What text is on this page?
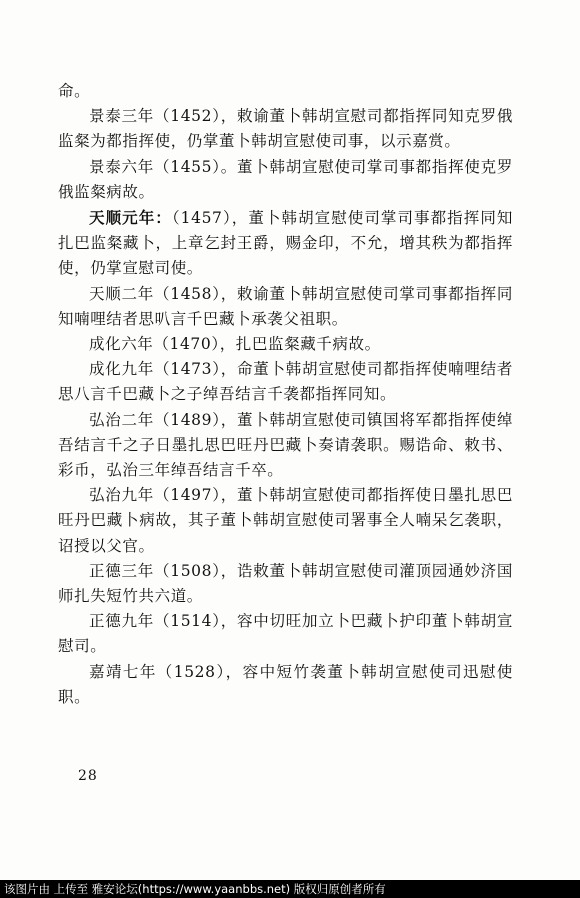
命。

景泰三年（1452），敕谕董卜韩胡宣慰司都指挥同知克罗俄监粲为都指挥使，仍掌董卜韩胡宣慰使司事，以示嘉赏。

景泰六年（1455）。董卜韩胡宣慰使司掌司事都指挥使克罗俄监粲病故。

天顺元年：（1457），董卜韩胡宣慰使司掌司事都指挥同知扎巴监粲藏卜，上章乞封王爵，赐金印，不允，增其秩为都指挥使，仍掌宣慰司使。

天顺二年（1458），敕谕董卜韩胡宣慰使司掌司事都指挥同知喃哩结者思叭言千巴藏卜承袭父祖职。

成化六年（1470），扎巴监粲藏千病故。

成化九年（1473），命董卜韩胡宣慰使司都指挥使喃哩结者思八言千巴藏卜之子绰吾结言千袭都指挥同知。

弘治二年（1489），董卜韩胡宣慰使司镇国将军都指挥使绰吾结言千之子日墨扎思巴旺丹巴藏卜奏请袭职。赐诰命、敕书、彩币，弘治三年绰吾结言千卒。

弘治九年（1497），董卜韩胡宣慰使司都指挥使日墨扎思巴旺丹巴藏卜病故，其子董卜韩胡宣慰使司署事全人喃呆乞袭职，诏授以父官。

正德三年（1508），诰敕董卜韩胡宣慰使司灌顶园通妙济国师扎失短竹共六道。

正德九年（1514），容中切旺加立卜巴藏卜护印董卜韩胡宣慰司。

嘉靖七年（1528），容中短竹袭董卜韩胡宣慰使司迅慰使职。

28
该图片由 上传至 雅安论坛(https://www.yaanbbs.net) 版权归原创者所有
